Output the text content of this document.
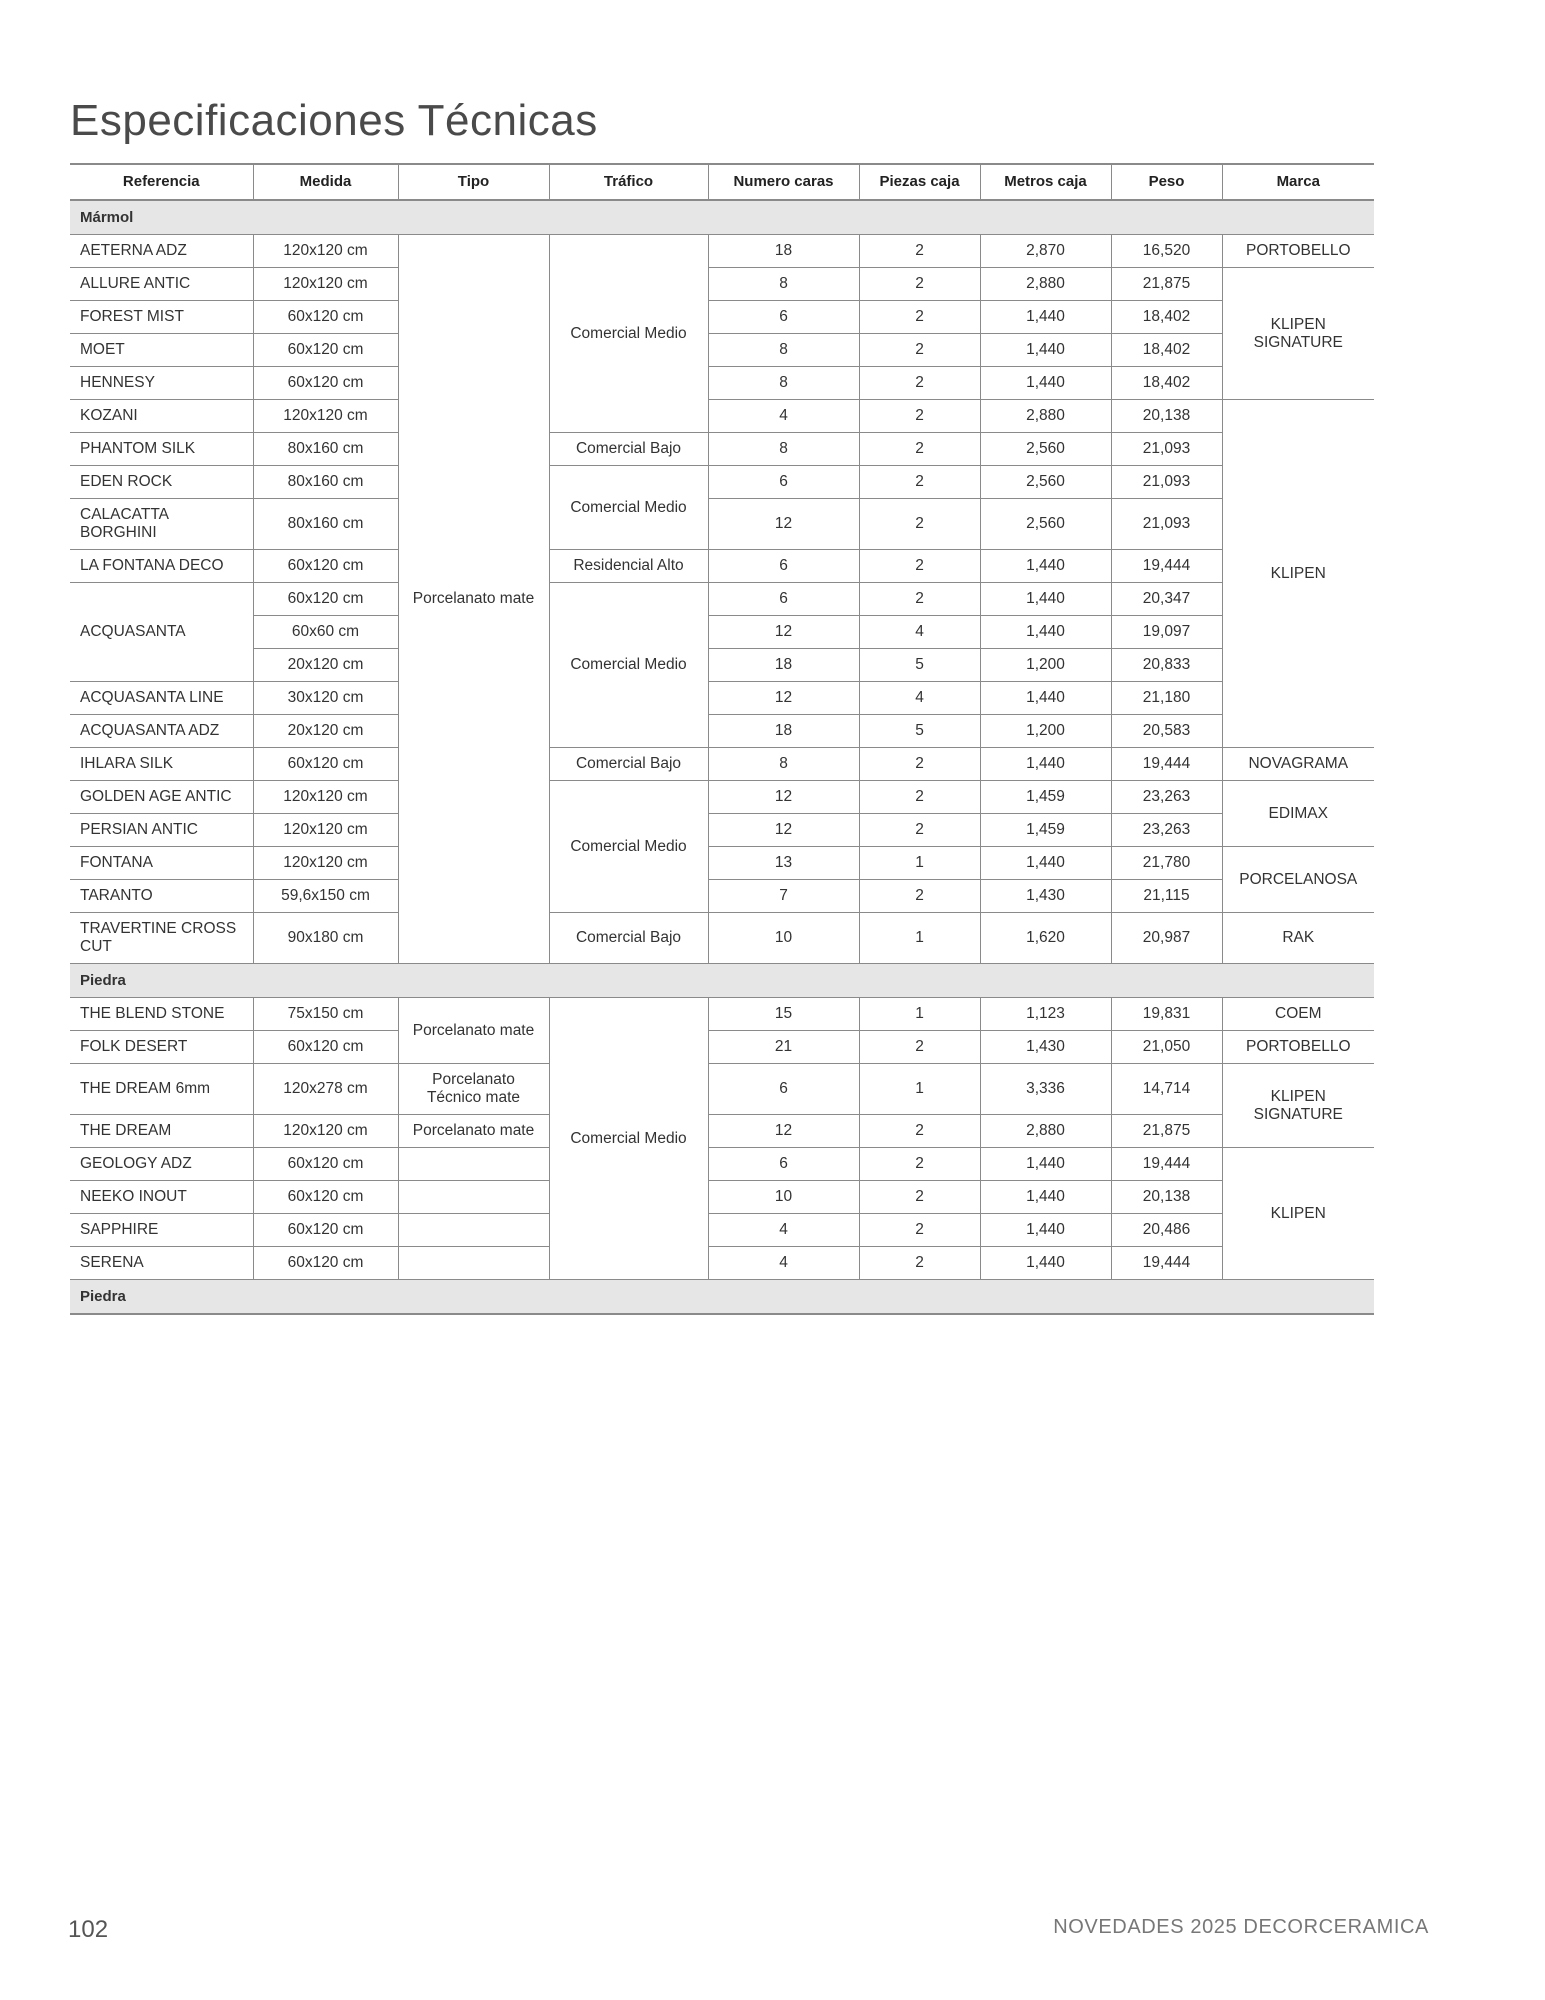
Especificaciones Técnicas
Referencia	Medida	Tipo	Tráfico	Numero caras	Piezas caja	Metros caja	Peso	Marca
Mármol								
AETERNA ADZ	120x120 cm	Porcelanato mate	Comercial Medio	18	2	2,870	16,520	PORTOBELLO
ALLURE ANTIC	120x120 cm			8	2	2,880	21,875	KLIPEN SIGNATURE
FOREST MIST	60x120 cm			6	2	1,440	18,402	
MOET	60x120 cm			8	2	1,440	18,402	
HENNESY	60x120 cm			8	2	1,440	18,402	
KOZANI	120x120 cm			4	2	2,880	20,138	KLIPEN
PHANTOM SILK	80x160 cm		Comercial Bajo	8	2	2,560	21,093	
EDEN ROCK	80x160 cm		Comercial Medio	6	2	2,560	21,093	
CALACATTA BORGHINI	80x160 cm			12	2	2,560	21,093	
LA FONTANA DECO	60x120 cm		Residencial Alto	6	2	1,440	19,444	
ACQUASANTA	60x120 cm		Comercial Medio	6	2	1,440	20,347	
	60x60 cm			12	4	1,440	19,097	
	20x120 cm			18	5	1,200	20,833	
ACQUASANTA LINE	30x120 cm			12	4	1,440	21,180	
ACQUASANTA ADZ	20x120 cm			18	5	1,200	20,583	
IHLARA SILK	60x120 cm		Comercial Bajo	8	2	1,440	19,444	NOVAGRAMA
GOLDEN AGE ANTIC	120x120 cm		Comercial Medio	12	2	1,459	23,263	EDIMAX
PERSIAN ANTIC	120x120 cm			12	2	1,459	23,263	
FONTANA	120x120 cm			13	1	1,440	21,780	PORCELANOSA
TARANTO	59,6x150 cm			7	2	1,430	21,115	
TRAVERTINE CROSS CUT	90x180 cm		Comercial Bajo	10	1	1,620	20,987	RAK
Piedra								
THE BLEND STONE	75x150 cm	Porcelanato mate	Comercial Medio	15	1	1,123	19,831	COEM
FOLK DESERT	60x120 cm			21	2	1,430	21,050	PORTOBELLO
THE DREAM 6mm	120x278 cm	Porcelanato Técnico mate		6	1	3,336	14,714	KLIPEN SIGNATURE
THE DREAM	120x120 cm	Porcelanato mate		12	2	2,880	21,875	
GEOLOGY ADZ	60x120 cm			6	2	1,440	19,444	KLIPEN
NEEKO INOUT	60x120 cm			10	2	1,440	20,138	
SAPPHIRE	60x120 cm			4	2	1,440	20,486	
SERENA	60x120 cm			4	2	1,440	19,444	
Piedra								
102	NOVEDADES 2025 DECORCERAMICA
